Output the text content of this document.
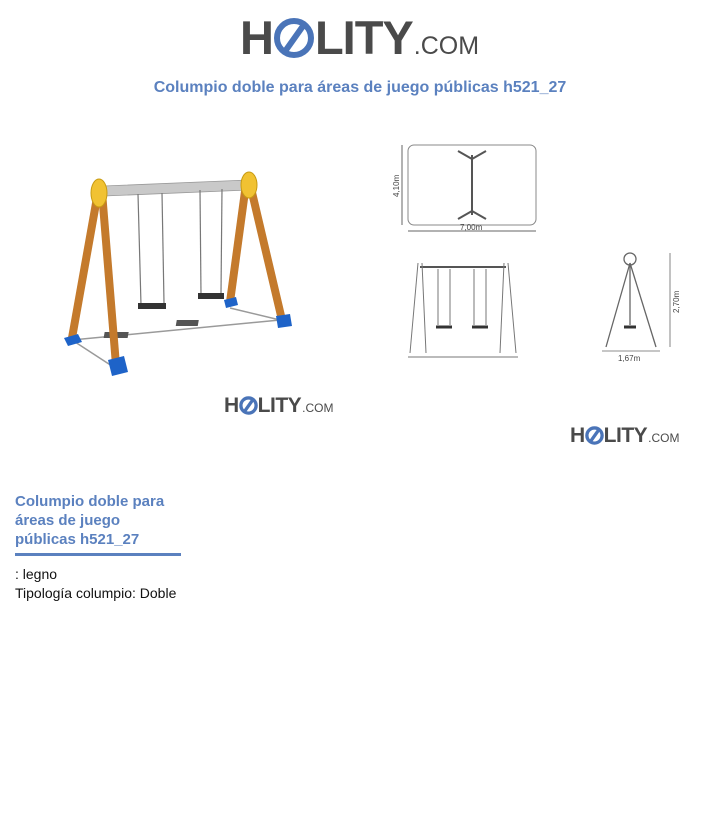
H LITY .COM
Columpio doble para áreas de juego públicas h521_27
H LITY .COM
4,10m
7,00m
2,70m
1,67m
H LITY .COM
Columpio doble para áreas de juego públicas h521_27
: legno
Tipología columpio: Doble
